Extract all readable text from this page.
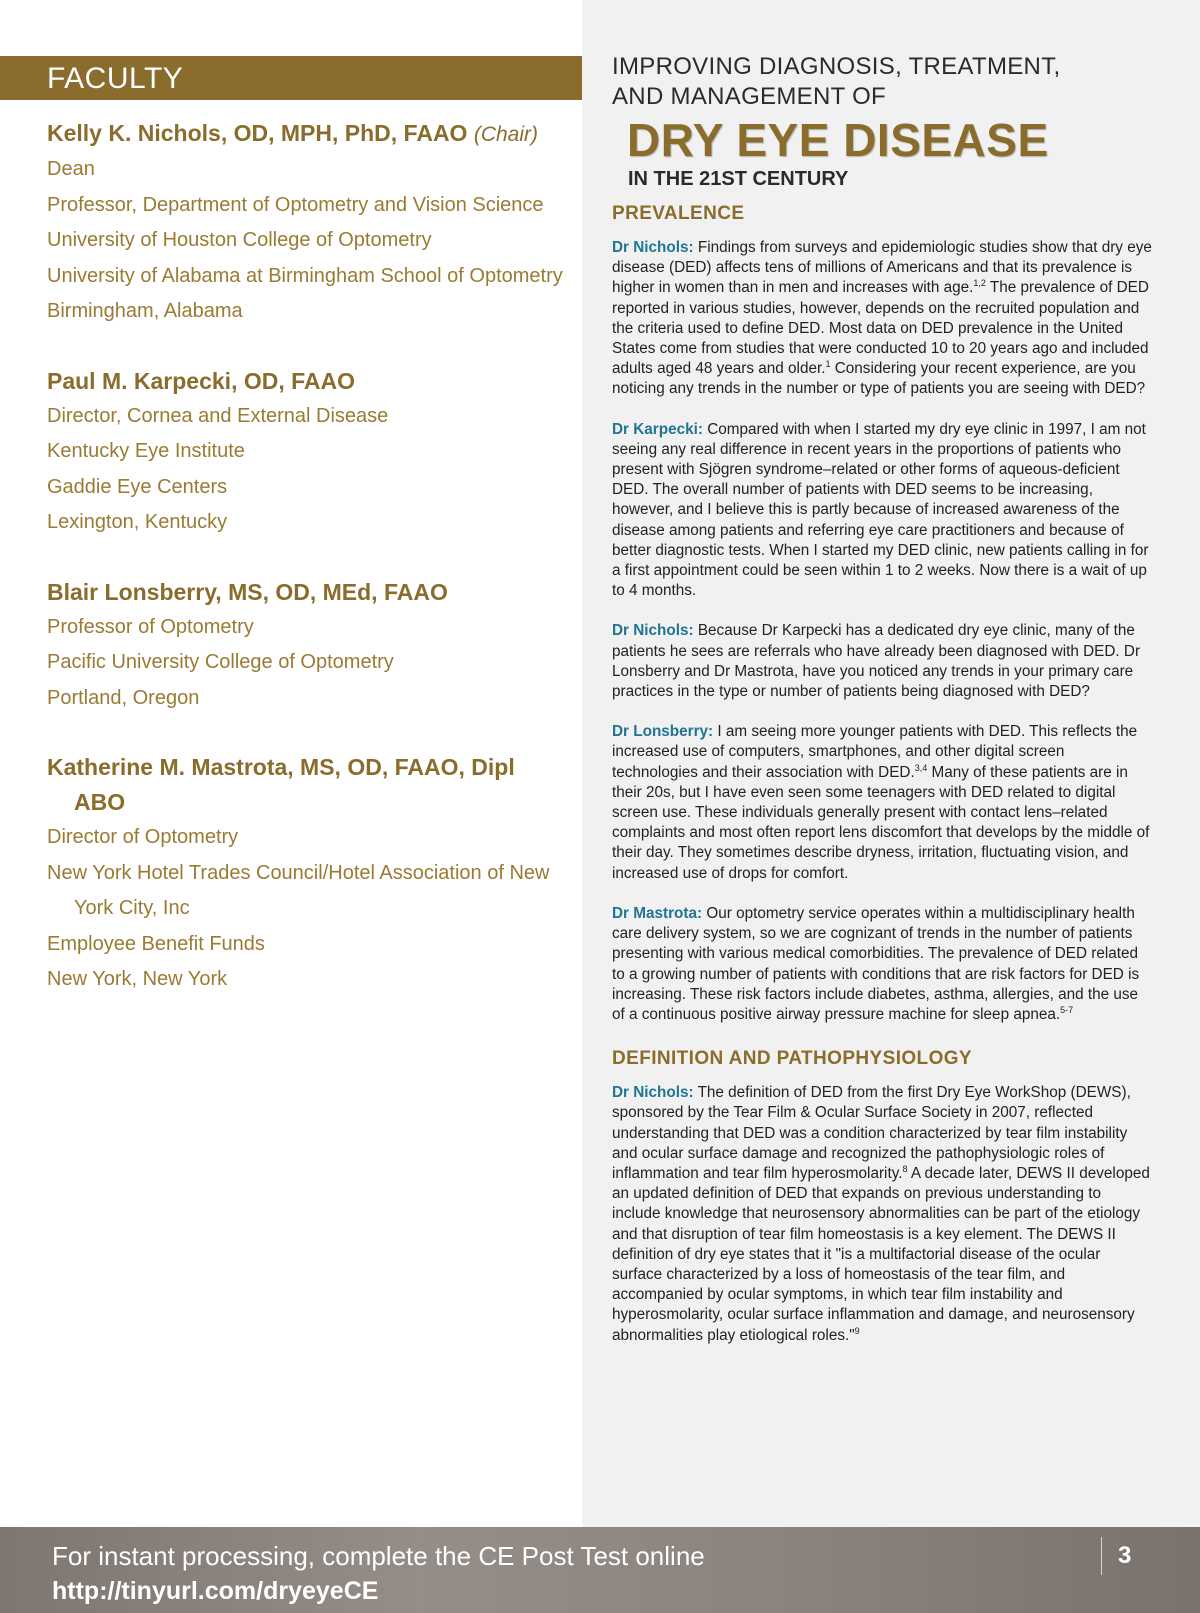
FACULTY
Kelly K. Nichols, OD, MPH, PhD, FAAO (Chair)
Dean
Professor, Department of Optometry and Vision Science
University of Houston College of Optometry
University of Alabama at Birmingham School of Optometry
Birmingham, Alabama
Paul M. Karpecki, OD, FAAO
Director, Cornea and External Disease
Kentucky Eye Institute
Gaddie Eye Centers
Lexington, Kentucky
Blair Lonsberry, MS, OD, MEd, FAAO
Professor of Optometry
Pacific University College of Optometry
Portland, Oregon
Katherine M. Mastrota, MS, OD, FAAO, Dipl ABO
Director of Optometry
New York Hotel Trades Council/Hotel Association of New York City, Inc
Employee Benefit Funds
New York, New York
IMPROVING DIAGNOSIS, TREATMENT,
AND MANAGEMENT OF
DRY EYE DISEASE
IN THE 21ST CENTURY
PREVALENCE

Dr Nichols: Findings from surveys and epidemiologic studies show that dry eye disease (DED) affects tens of millions of Americans and that its prevalence is higher in women than in men and increases with age.$^{1,2}$ The prevalence of DED reported in various studies, however, depends on the recruited population and the criteria used to define DED. Most data on DED prevalence in the United States come from studies that were conducted 10 to 20 years ago and included adults aged 48 years and older.$^1$ Considering your recent experience, are you noticing any trends in the number or type of patients you are seeing with DED?

Dr Karpecki: Compared with when I started my dry eye clinic in 1997, I am not seeing any real difference in recent years in the proportions of patients who present with Sjögren syndrome–related or other forms of aqueous-deficient DED. The overall number of patients with DED seems to be increasing, however, and I believe this is partly because of increased awareness of the disease among patients and referring eye care practitioners and because of better diagnostic tests. When I started my DED clinic, new patients calling in for a first appointment could be seen within 1 to 2 weeks. Now there is a wait of up to 4 months.

Dr Nichols: Because Dr Karpecki has a dedicated dry eye clinic, many of the patients he sees are referrals who have already been diagnosed with DED. Dr Lonsberry and Dr Mastrota, have you noticed any trends in your primary care practices in the type or number of patients being diagnosed with DED?

Dr Lonsberry: I am seeing more younger patients with DED. This reflects the increased use of computers, smartphones, and other digital screen technologies and their association with DED.$^{3,4}$ Many of these patients are in their 20s, but I have even seen some teenagers with DED related to digital screen use. These individuals generally present with contact lens–related complaints and most often report lens discomfort that develops by the middle of their day. They sometimes describe dryness, irritation, fluctuating vision, and increased use of drops for comfort.

Dr Mastrota: Our optometry service operates within a multidisciplinary health care delivery system, so we are cognizant of trends in the number of patients presenting with various medical comorbidities. The prevalence of DED related to a growing number of patients with conditions that are risk factors for DED is increasing. These risk factors include diabetes, asthma, allergies, and the use of a continuous positive airway pressure machine for sleep apnea.$^{5-7}$

DEFINITION AND PATHOPHYSIOLOGY

Dr Nichols: The definition of DED from the first Dry Eye WorkShop (DEWS), sponsored by the Tear Film & Ocular Surface Society in 2007, reflected understanding that DED was a condition characterized by tear film instability and ocular surface damage and recognized the pathophysiologic roles of inflammation and tear film hyperosmolarity.$^8$ A decade later, DEWS II developed an updated definition of DED that expands on previous understanding to include knowledge that neurosensory abnormalities can be part of the etiology and that disruption of tear film homeostasis is a key element. The DEWS II definition of dry eye states that it "is a multifactorial disease of the ocular surface characterized by a loss of homeostasis of the tear film, and accompanied by ocular symptoms, in which tear film instability and hyperosmolarity, ocular surface inflammation and damage, and neurosensory abnormalities play etiological roles."$^9$

For instant processing, complete the CE Post Test online
http://tinyurl.com/dryeyeCE
3
